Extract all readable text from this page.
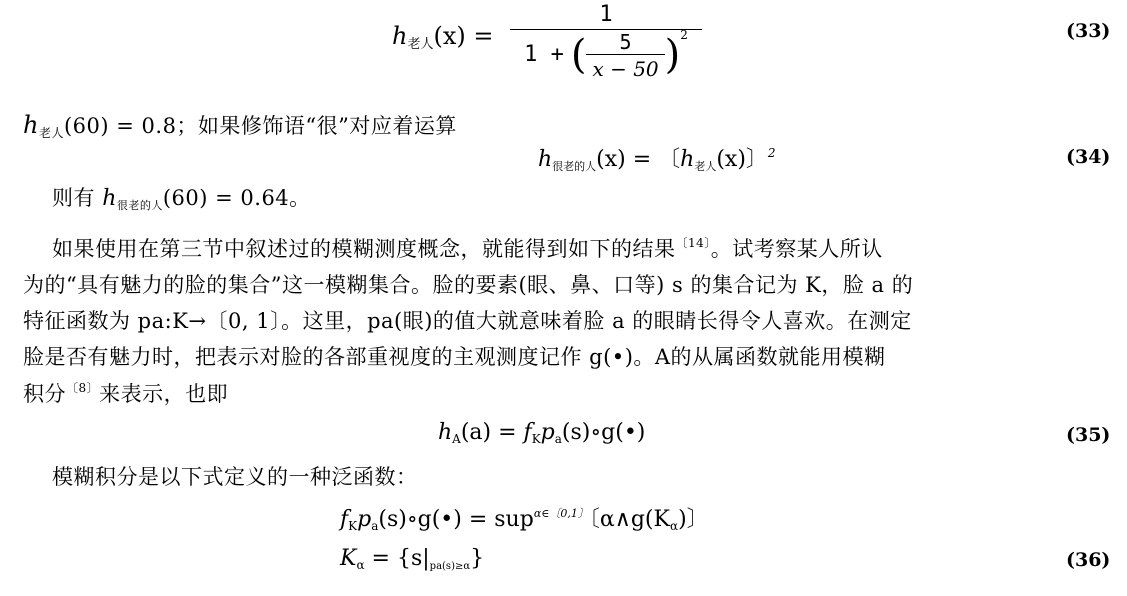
$h_{老人}(x)$ =
1
1 + ( $\frac{5}{x - 50} )^2$	(33)
$h_{老人}(60) = 0.8$；如果修饰语“很”对应着运算
$h_{很老的人}(x)$ = 〔$h_{老人}(x)$〕$^2$	(34)
则有 $h_{很老的人}(60) = 0.64$。
如果使用在第三节中叙述过的模糊测度概念，就能得到如下的结果$^{〔14〕}$。试考察某人所认
为的“具有魅力的脸的集合”这一模糊集合。脸的要素(眼、鼻、口等) s 的集合记为 K，脸 a 的
特征函数为 pa:K→〔0, 1〕。这里，pa(眼)的值大就意味着脸 a 的眼睛长得令人喜欢。在测定
脸是否有魅力时，把表示对脸的各部重视度的主观测度记作 g(•)。A的从属函数就能用模糊
积分$^{〔8〕}$来表示，也即
$h_A(a)$ = $f_Kp_a(s)\circ g(•)$	(35)
模糊积分是以下式定义的一种泛函数：
$f_Kp_a(s)\circ g(•) = sup^{\alpha\in〔0,1〕}$〔$\alpha\wedge g(K_\alpha)$〕
$K_\alpha = \{s|_{pa(s)\ge\alpha}\}$	(36)
